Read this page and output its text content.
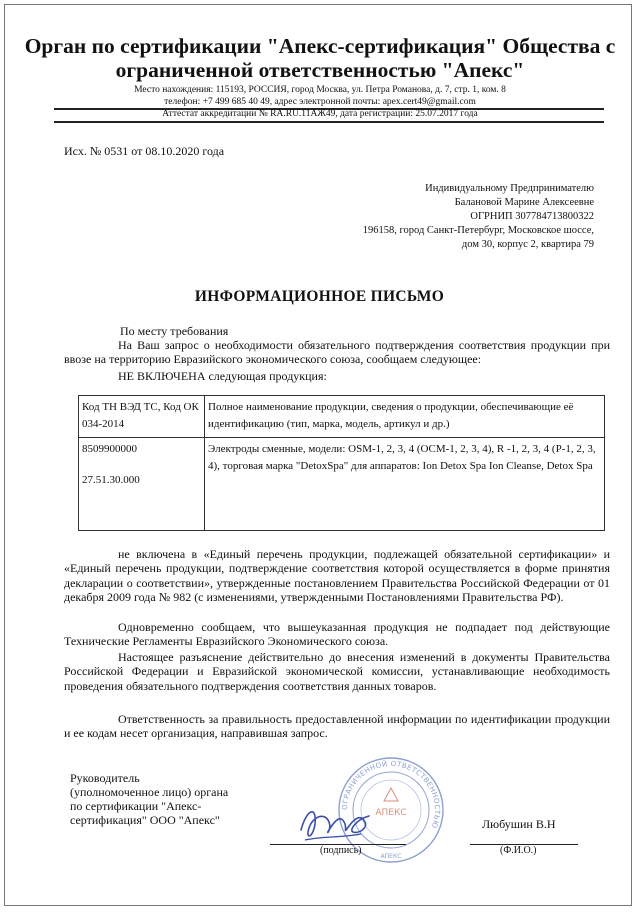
Орган по сертификации "Апекс-сертификация" Общества с ограниченной ответственностью "Апекс"
Место нахождения: 115193, РОССИЯ, город Москва, ул. Петра Романова, д. 7, стр. 1, ком. 8
телефон: +7 499 685 40 49, адрес электронной почты: apex.cert49@gmail.com
Аттестат аккредитации № RA.RU.11АЖ49, дата регистрации: 25.07.2017 года
Исх. № 0531 от 08.10.2020 года
Индивидуальному Предпринимателю
Балановой Марине Алексеевне
ОГРНИП 307784713800322
196158, город Санкт-Петербург, Московское шоссе,
дом 30, корпус 2, квартира 79
ИНФОРМАЦИОННОЕ ПИСЬМО
По месту требования
На Ваш запрос о необходимости обязательного подтверждения соответствия продукции при ввозе на территорию Евразийского экономического союза, сообщаем следующее:
НЕ ВКЛЮЧЕНА следующая продукция:
Код ТН ВЭД ТС, Код ОК 034-2014	Полное наименование продукции, сведения о продукции, обеспечивающие её идентификацию (тип, марка, модель, артикул и др.)

8509900000
27.51.30.000	Электроды сменные, модели: OSM-1, 2, 3, 4 (OCM-1, 2, 3, 4), R -1, 2, 3, 4 (P-1, 2, 3, 4), торговая марка "DetoxSpa" для аппаратов: Ion Detox Spa Ion Cleanse, Detox Spa
не включена в «Единый перечень продукции, подлежащей обязательной сертификации» и «Единый перечень продукции, подтверждение соответствия которой осуществляется в форме принятия декларации о соответствии», утвержденные постановлением Правительства Российской Федерации от 01 декабря 2009 года № 982 (с изменениями, утвержденными Постановлениями Правительства РФ).
Одновременно сообщаем, что вышеуказанная продукция не подпадает под действующие Технические Регламенты Евразийского Экономического союза.
Настоящее разъяснение действительно до внесения изменений в документы Правительства Российской Федерации и Евразийской экономической комиссии, устанавливающие необходимость проведения обязательного подтверждения соответствия данных товаров.
Ответственность за правильность предоставленной информации по идентификации продукции и ее кодам несет организация, направившая запрос.
Руководитель
(уполномоченное лицо) органа
по сертификации "Апекс-
сертификация" ООО "Апекс"
ОГРАНИЧЕННОЙ ОТВЕТСТВЕННОСТЬЮ
АПЕКС
АПЕКС
Любушин В.Н
(подпись)	(Ф.И.О.)
